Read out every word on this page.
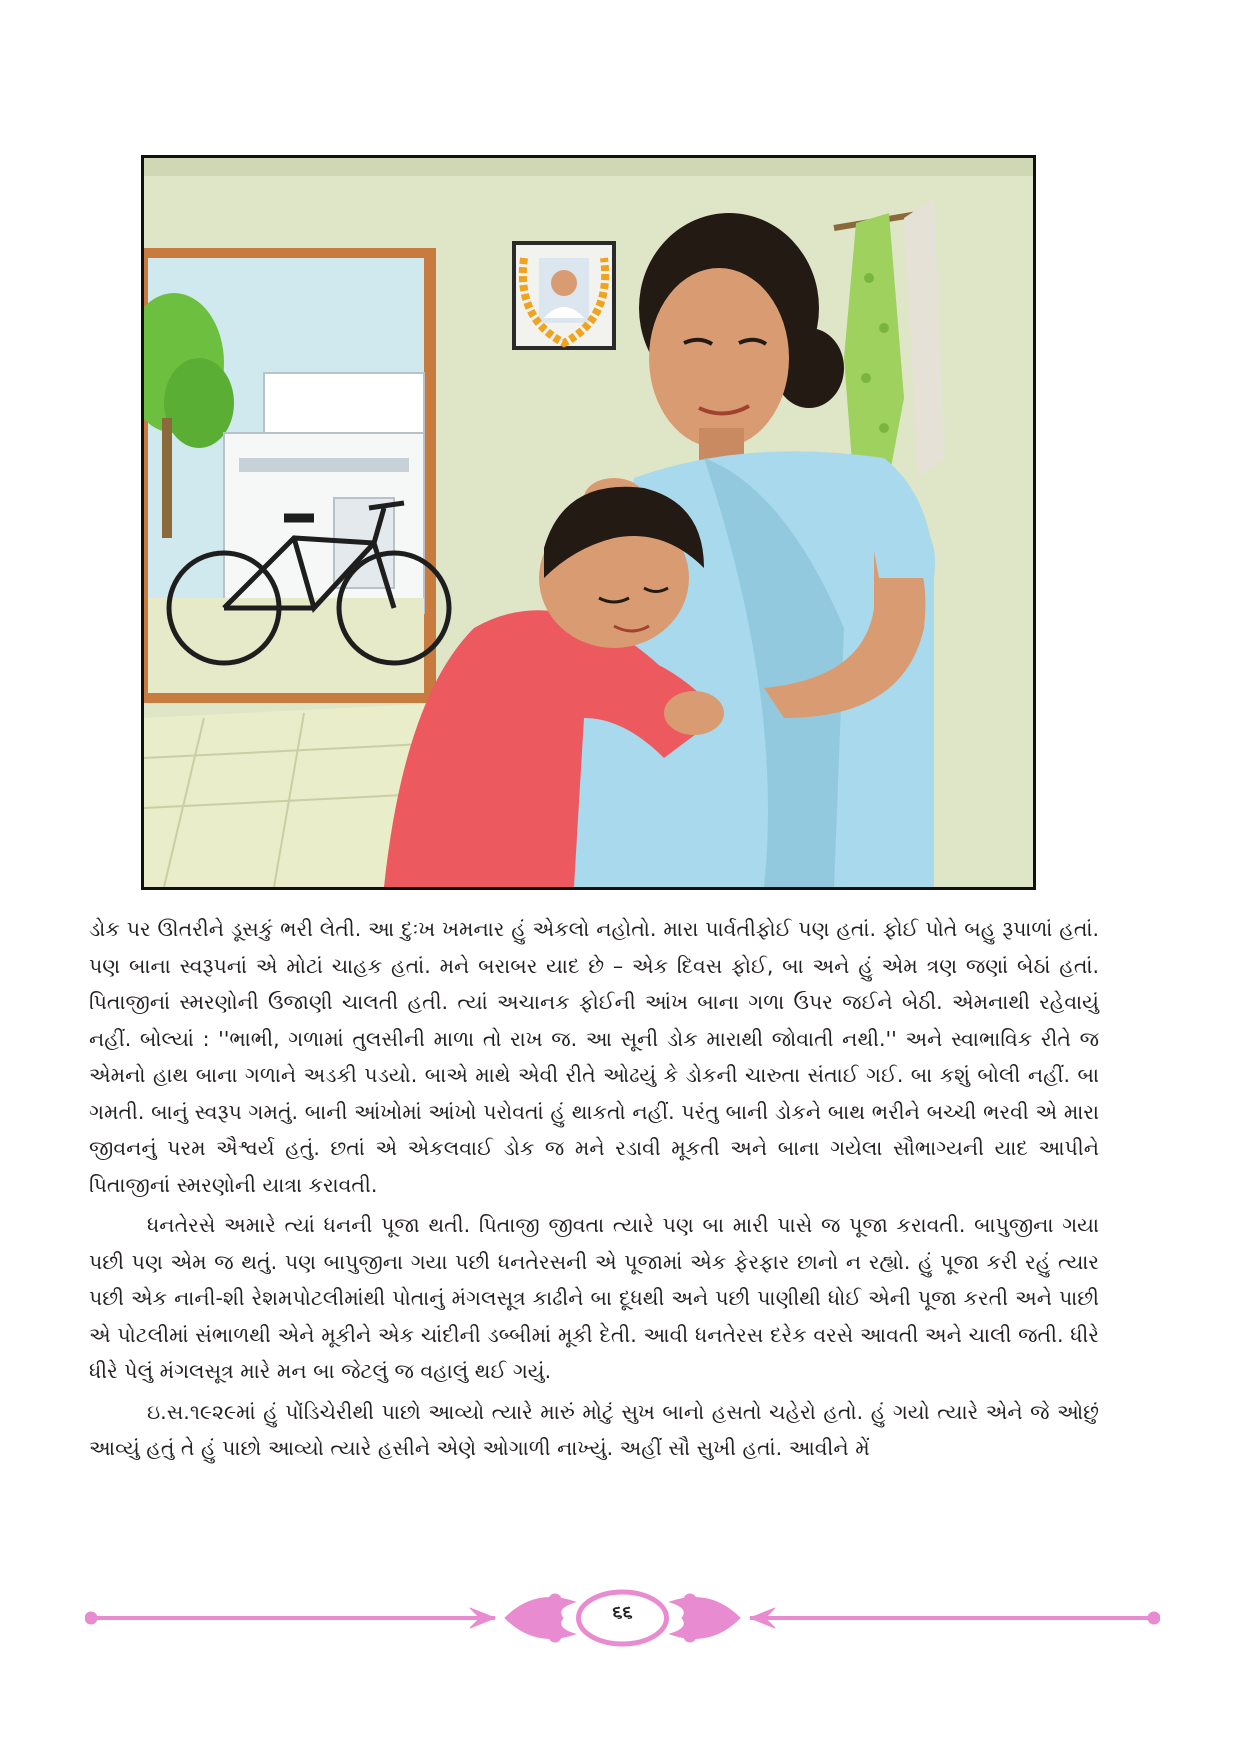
ડોક પર ઊતરીને ડૂસકું ભરી લેતી. આ દુઃખ ખમનાર હું એકલો નહોતો. મારા પાર્વતીફોઈ પણ હતાં. ફોઈ પોતે બહુ રૂપાળાં હતાં. પણ બાના સ્વરૂપનાં એ મોટાં ચાહક હતાં. મને બરાબર યાદ છે – એક દિવસ ફોઈ, બા અને હું એમ ત્રણ જણાં બેઠાં હતાં. પિતાજીનાં સ્મરણોની ઉજાણી ચાલતી હતી. ત્યાં અચાનક ફોઈની આંખ બાના ગળા ઉપર જઈને બેઠી. એમનાથી રહેવાયું નહીં. બોલ્યાં : ''ભાભી, ગળામાં તુલસીની માળા તો રાખ જ. આ સૂની ડોક મારાથી જોવાતી નથી.'' અને સ્વાભાવિક રીતે જ એમનો હાથ બાના ગળાને અડકી પડયો. બાએ માથે એવી રીતે ઓઢયું કે ડોકની ચારુતા સંતાઈ ગઈ. બા કશું બોલી નહીં. બા ગમતી. બાનું સ્વરૂપ ગમતું. બાની આંખોમાં આંખો પરોવતાં હું થાકતો નહીં. પરંતુ બાની ડોકને બાથ ભરીને બચ્ચી ભરવી એ મારા જીવનનું પરમ ઐશ્વર્ય હતું. છતાં એ એકલવાઈ ડોક જ મને રડાવી મૂકતી અને બાના ગયેલા સૌભાગ્યની યાદ આપીને પિતાજીનાં સ્મરણોની યાત્રા કરાવતી.

ધનતેરસે અમારે ત્યાં ધનની પૂજા થતી. પિતાજી જીવતા ત્યારે પણ બા મારી પાસે જ પૂજા કરાવતી. બાપુજીના ગયા પછી પણ એમ જ થતું. પણ બાપુજીના ગયા પછી ધનતેરસની એ પૂજામાં એક ફેરફાર છાનો ન રહ્યો. હું પૂજા કરી રહું ત્યાર પછી એક નાની-શી રેશમપોટલીમાંથી પોતાનું મંગલસૂત્ર કાઢીને બા દૂધથી અને પછી પાણીથી ધોઈ એની પૂજા કરતી અને પાછી એ પોટલીમાં સંભાળથી એને મૂકીને એક ચાંદીની ડબ્બીમાં મૂકી દેતી. આવી ધનતેરસ દરેક વરસે આવતી અને ચાલી જતી. ધીરે ધીરે પેલું મંગલસૂત્ર મારે મન બા જેટલું જ વહાલું થઈ ગયું.

ઇ.સ.૧૯૨૯માં હું પોંડિચેરીથી પાછો આવ્યો ત્યારે મારું મોટું સુખ બાનો હસતો ચહેરો હતો. હું ગયો ત્યારે એને જે ઓછું આવ્યું હતું તે હું પાછો આવ્યો ત્યારે હસીને એણે ઓગાળી નાખ્યું. અહીં સૌ સુખી હતાં. આવીને મેં

૬૬
